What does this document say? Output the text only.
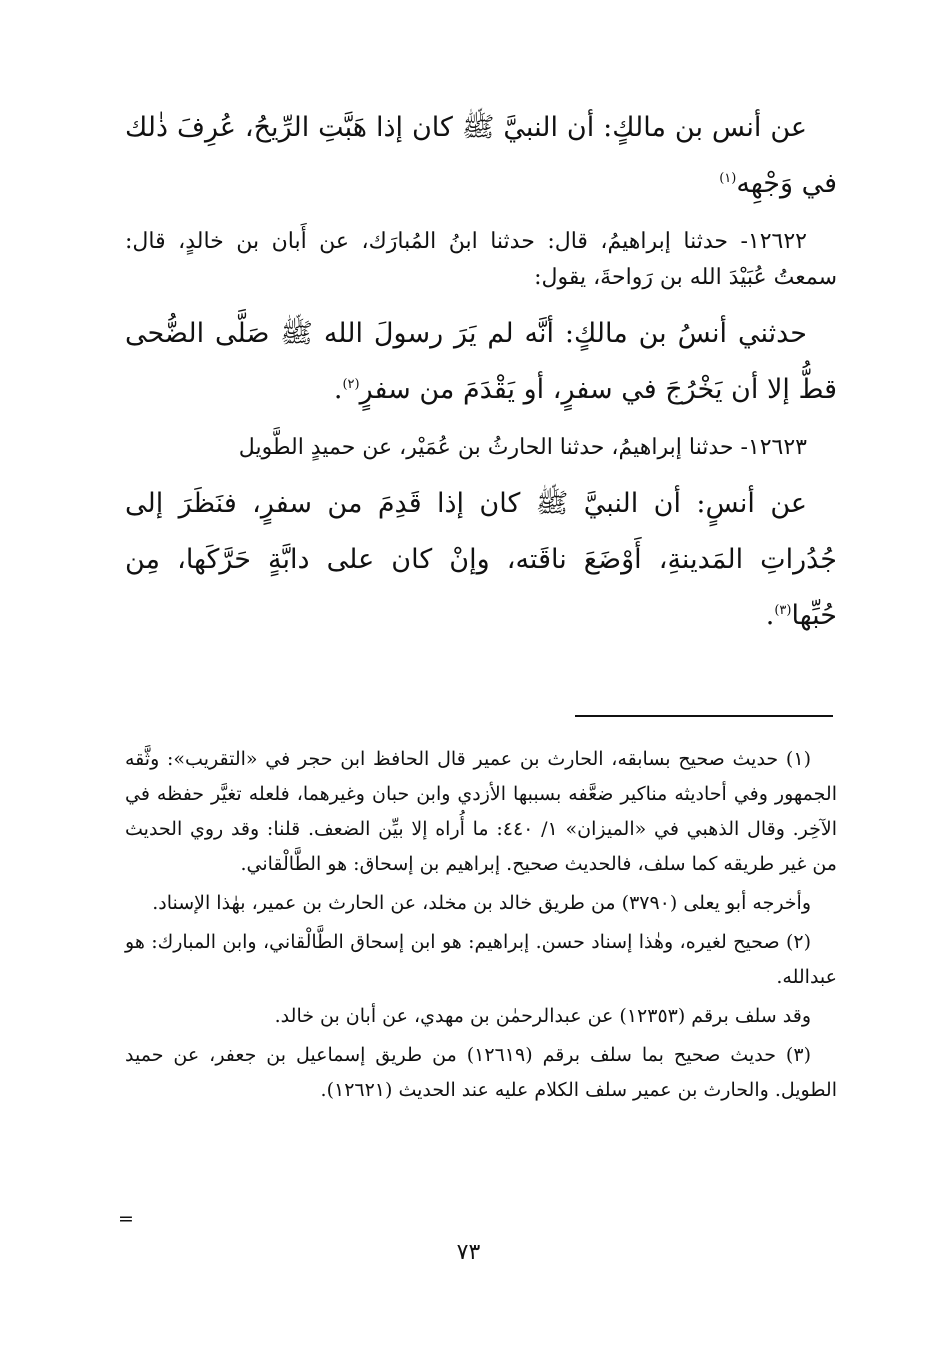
عن أنس بن مالكٍ: أن النبيَّ ﷺ كان إذا هَبَّتِ الرِّيحُ، عُرِفَ ذٰلك في وَجْهِه$^{(١)}$

١٢٦٢٢- حدثنا إبراهيمُ، قال: حدثنا ابنُ المُبارَك، عن أَبان بن خالدٍ، قال: سمعتُ عُبَيْدَ الله بن رَواحةَ، يقول:

حدثني أنسُ بن مالكٍ: أنَّه لم يَرَ رسولَ الله ﷺ صَلَّى الضُّحى قطُّ إلا أن يَخْرُجَ في سفرٍ، أو يَقْدَمَ من سفرٍ$^{(٢)}$.

١٢٦٢٣- حدثنا إبراهيمُ، حدثنا الحارثُ بن عُمَيْر، عن حميدٍ الطَّويل

عن أنسٍ: أن النبيَّ ﷺ كان إذا قَدِمَ من سفرٍ، فنَظَرَ إلى جُدُراتِ المَدينةِ، أَوْضَعَ ناقَته، وإنْ كان على دابَّةٍ حَرَّكَها، مِن حُبِّها$^{(٣)}$.

(١) حديث صحيح بسابقه، الحارث بن عمير قال الحافظ ابن حجر في «التقريب»: وثَّقه الجمهور وفي أحاديثه مناكير ضعَّفه بسببها الأزدي وابن حبان وغيرهما، فلعله تغيَّر حفظه في الآخِر. وقال الذهبي في «الميزان» ١/ ٤٤٠: ما أُراه إلا بيِّن الضعف. قلنا: وقد روي الحديث من غير طريقه كما سلف، فالحديث صحيح. إبراهيم بن إسحاق: هو الطَّالْقاني.

وأخرجه أبو يعلى (٣٧٩٠) من طريق خالد بن مخلد، عن الحارث بن عمير، بهٰذا الإسناد.

(٢) صحيح لغيره، وهٰذا إسناد حسن. إبراهيم: هو ابن إسحاق الطَّالْقاني، وابن المبارك: هو عبدالله.

وقد سلف برقم (١٢٣٥٣) عن عبدالرحمٰن بن مهدي، عن أبان بن خالد.

(٣) حديث صحيح بما سلف برقم (١٢٦١٩) من طريق إسماعيل بن جعفر، عن حميد الطويل. والحارث بن عمير سلف الكلام عليه عند الحديث (١٢٦٢١).

=
٧٣
